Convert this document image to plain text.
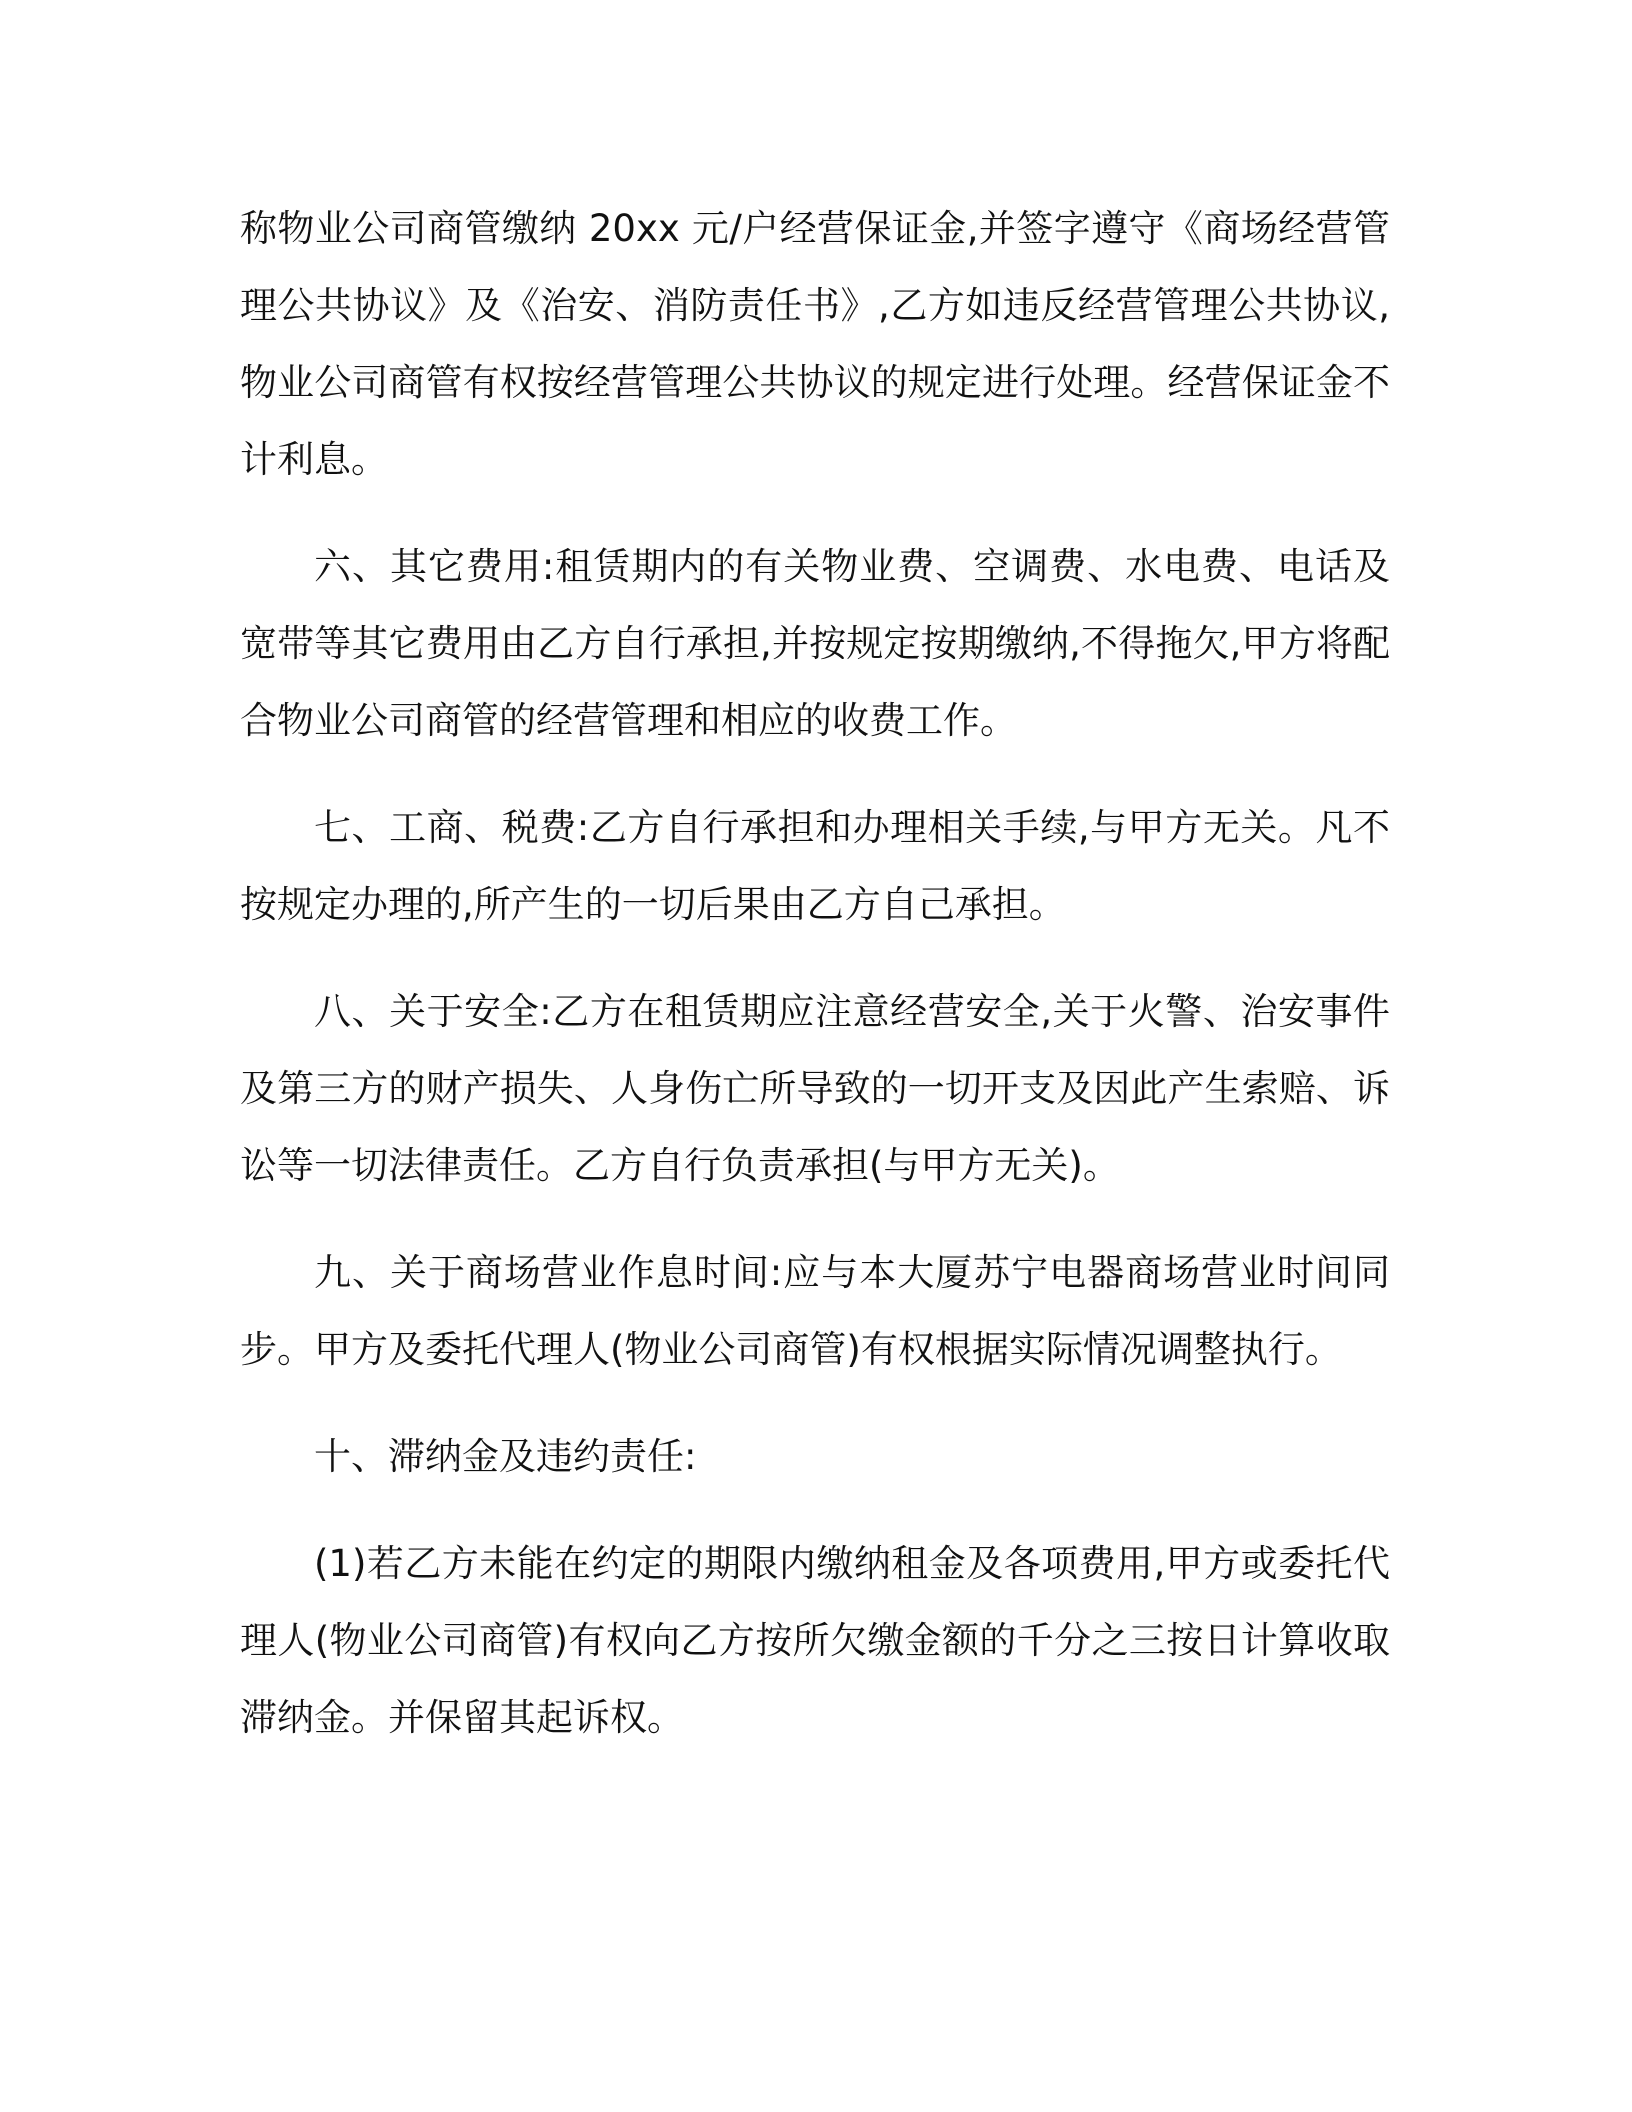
称物业公司商管缴纳 20xx 元/户经营保证金,并签字遵守《商场经营管理公共协议》及《治安、消防责任书》,乙方如违反经营管理公共协议,物业公司商管有权按经营管理公共协议的规定进行处理。经营保证金不计利息。

六、其它费用:租赁期内的有关物业费、空调费、水电费、电话及宽带等其它费用由乙方自行承担,并按规定按期缴纳,不得拖欠,甲方将配合物业公司商管的经营管理和相应的收费工作。

七、工商、税费:乙方自行承担和办理相关手续,与甲方无关。凡不按规定办理的,所产生的一切后果由乙方自己承担。

八、关于安全:乙方在租赁期应注意经营安全,关于火警、治安事件及第三方的财产损失、人身伤亡所导致的一切开支及因此产生索赔、诉讼等一切法律责任。乙方自行负责承担(与甲方无关)。

九、关于商场营业作息时间:应与本大厦苏宁电器商场营业时间同步。甲方及委托代理人(物业公司商管)有权根据实际情况调整执行。

十、滞纳金及违约责任:

(1)若乙方未能在约定的期限内缴纳租金及各项费用,甲方或委托代理人(物业公司商管)有权向乙方按所欠缴金额的千分之三按日计算收取滞纳金。并保留其起诉权。
